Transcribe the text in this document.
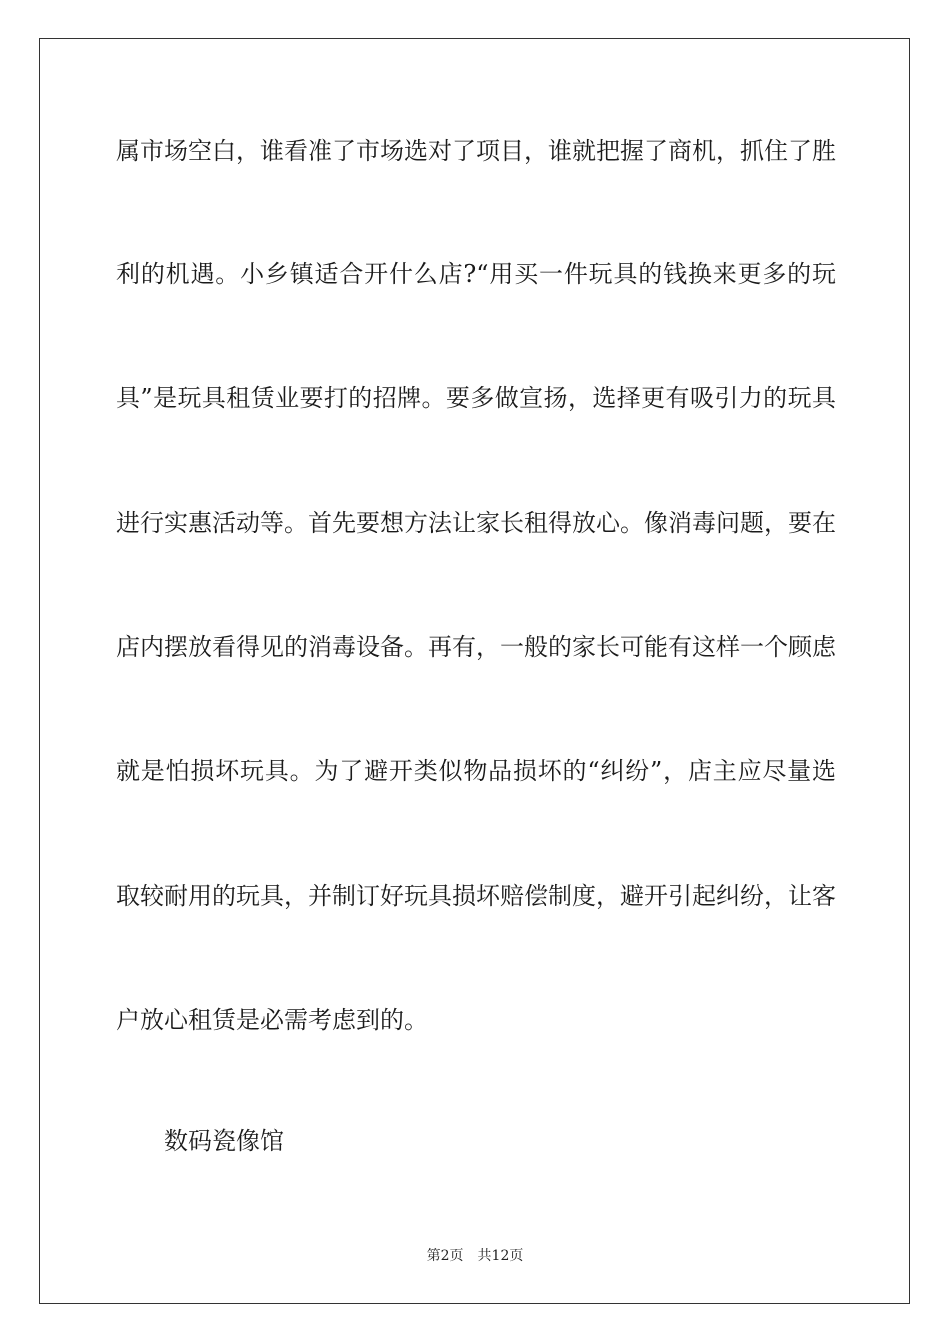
属市场空白，谁看准了市场选对了项目，谁就把握了商机，抓住了胜
利的机遇。小乡镇适合开什么店?“用买一件玩具的钱换来更多的玩
具”是玩具租赁业要打的招牌。要多做宣扬，选择更有吸引力的玩具
进行实惠活动等。首先要想方法让家长租得放心。像消毒问题，要在
店内摆放看得见的消毒设备。再有，一般的家长可能有这样一个顾虑
就是怕损坏玩具。为了避开类似物品损坏的“纠纷”，店主应尽量选
取较耐用的玩具，并制订好玩具损坏赔偿制度，避开引起纠纷，让客
户放心租赁是必需考虑到的。
数码瓷像馆
第2页 共12页
